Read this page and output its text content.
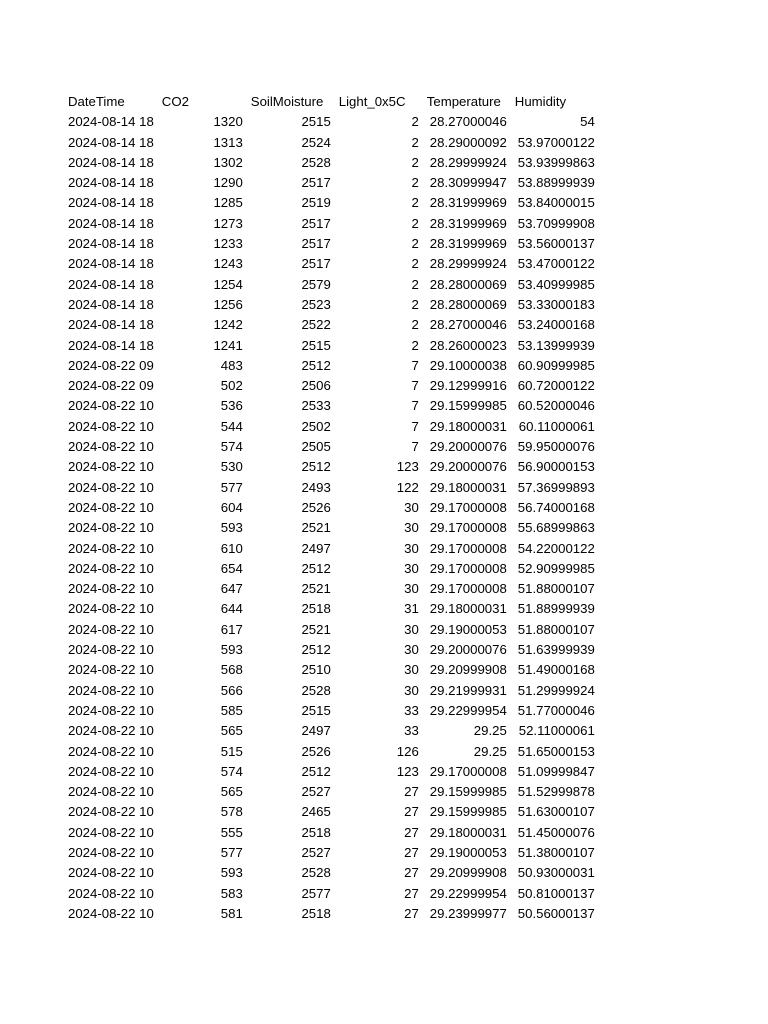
DateTime	CO2	SoilMoisture	Light_0x5C	Temperature	Humidity
2024-08-14 18	1320	2515	2	28.27000046	54
2024-08-14 18	1313	2524	2	28.29000092	53.97000122
2024-08-14 18	1302	2528	2	28.29999924	53.93999863
2024-08-14 18	1290	2517	2	28.30999947	53.88999939
2024-08-14 18	1285	2519	2	28.31999969	53.84000015
2024-08-14 18	1273	2517	2	28.31999969	53.70999908
2024-08-14 18	1233	2517	2	28.31999969	53.56000137
2024-08-14 18	1243	2517	2	28.29999924	53.47000122
2024-08-14 18	1254	2579	2	28.28000069	53.40999985
2024-08-14 18	1256	2523	2	28.28000069	53.33000183
2024-08-14 18	1242	2522	2	28.27000046	53.24000168
2024-08-14 18	1241	2515	2	28.26000023	53.13999939
2024-08-22 09	483	2512	7	29.10000038	60.90999985
2024-08-22 09	502	2506	7	29.12999916	60.72000122
2024-08-22 10	536	2533	7	29.15999985	60.52000046
2024-08-22 10	544	2502	7	29.18000031	60.11000061
2024-08-22 10	574	2505	7	29.20000076	59.95000076
2024-08-22 10	530	2512	123	29.20000076	56.90000153
2024-08-22 10	577	2493	122	29.18000031	57.36999893
2024-08-22 10	604	2526	30	29.17000008	56.74000168
2024-08-22 10	593	2521	30	29.17000008	55.68999863
2024-08-22 10	610	2497	30	29.17000008	54.22000122
2024-08-22 10	654	2512	30	29.17000008	52.90999985
2024-08-22 10	647	2521	30	29.17000008	51.88000107
2024-08-22 10	644	2518	31	29.18000031	51.88999939
2024-08-22 10	617	2521	30	29.19000053	51.88000107
2024-08-22 10	593	2512	30	29.20000076	51.63999939
2024-08-22 10	568	2510	30	29.20999908	51.49000168
2024-08-22 10	566	2528	30	29.21999931	51.29999924
2024-08-22 10	585	2515	33	29.22999954	51.77000046
2024-08-22 10	565	2497	33	29.25	52.11000061
2024-08-22 10	515	2526	126	29.25	51.65000153
2024-08-22 10	574	2512	123	29.17000008	51.09999847
2024-08-22 10	565	2527	27	29.15999985	51.52999878
2024-08-22 10	578	2465	27	29.15999985	51.63000107
2024-08-22 10	555	2518	27	29.18000031	51.45000076
2024-08-22 10	577	2527	27	29.19000053	51.38000107
2024-08-22 10	593	2528	27	29.20999908	50.93000031
2024-08-22 10	583	2577	27	29.22999954	50.81000137
2024-08-22 10	581	2518	27	29.23999977	50.56000137
